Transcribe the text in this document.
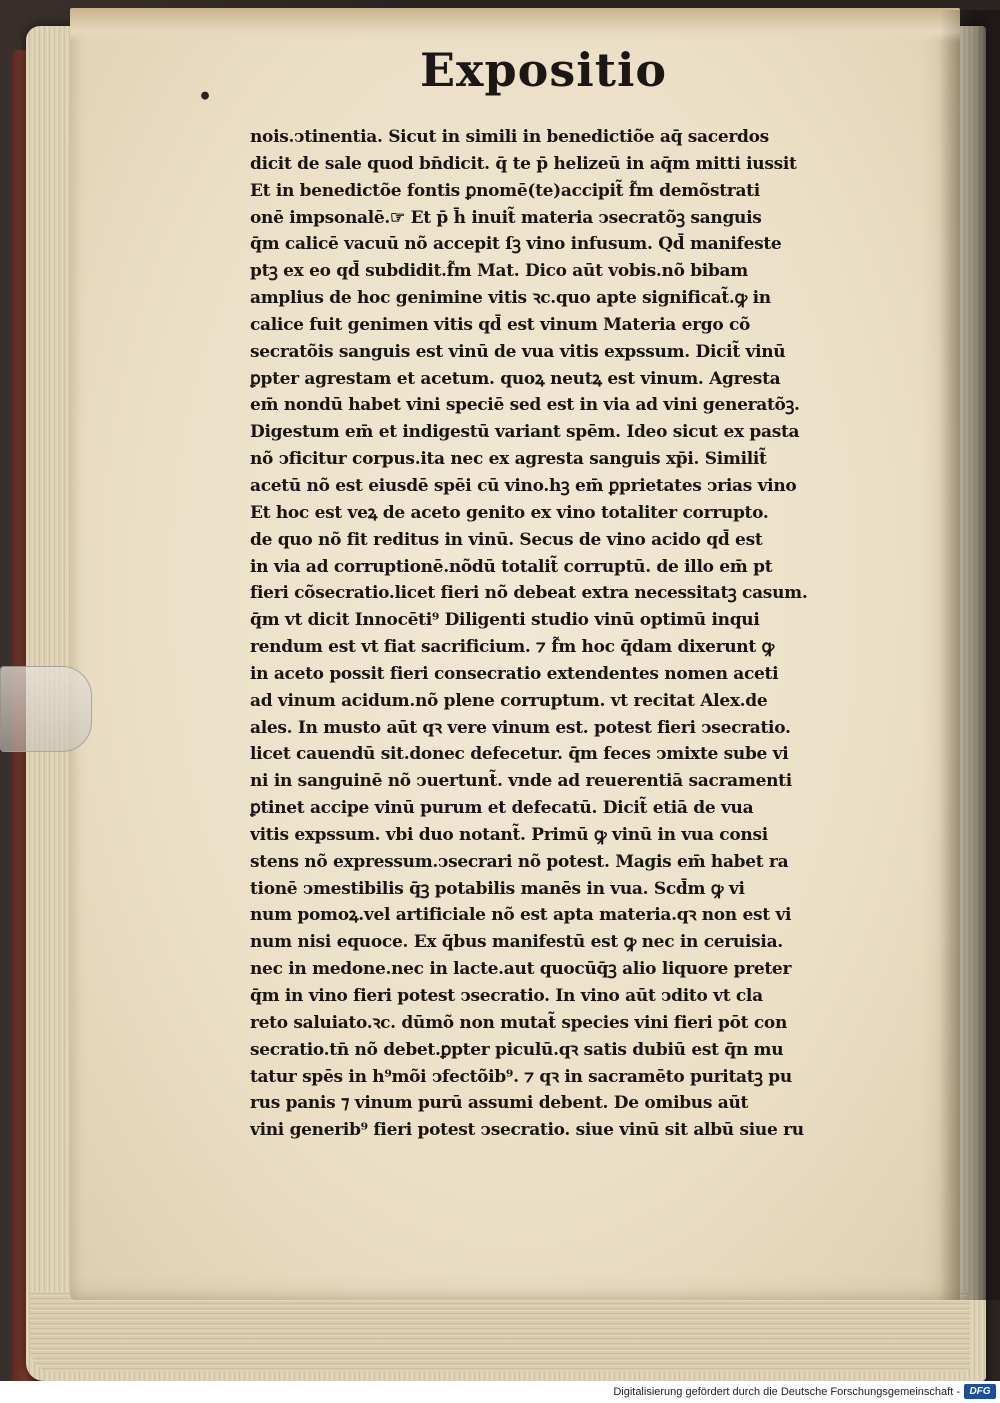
Expositio
•
nois.ↄtinentia. Sicut in simili in benedictiõe aq̄ sacerdos
dicit de sale quod bn̄dicit. q̄ te p̄ helizeū in aq̄m mitti iussit
Et in benedictõe fontis ꝑnomē(te)accipit̃ f̃m demõstrati
onē impsonalē.☞ Et p̄ h̄ inuit̃ materia ↄsecratõꝫ sanguis
q̄m calicē vacuū nõ accepit ſꝫ vino infusum. Qd̄ manifeste
ptꝫ ex eo qd̄ subdidit.f̃m Mat. Dico aūt vobis.nõ bibam
amplius de hoc genimine vitis ꝛc.quo apte significat̃.ꝙ in
calice fuit genimen vitis qd̄ est vinum Materia ergo cõ
secratõis sanguis est vinū de vua vitis expssum. Dicit̃ vinū
ꝑpter agrestam et acetum. quoꝝ neutꝝ est vinum. Agresta
em̄ nondū habet vini speciē sed est in via ad vini generatõꝫ.
Digestum em̄ et indigestū variant spēm. Ideo sicut ex pasta
nõ ↄficitur corpus.ita nec ex agresta sanguis xp̄i. Similit̃
acetū nõ est eiusdē spēi cū vino.hꝫ em̄ ꝑprietates ↄrias vino
Et hoc est veꝝ de aceto genito ex vino totaliter corrupto.
de quo nõ fit reditus in vinū. Secus de vino acido qd̄ est
in via ad corruptionē.nõdū totalit̃ corruptū. de illo em̄ pt
fieri cõsecratio.licet fieri nõ debeat extra necessitatꝫ casum.
q̄m vt dicit Innocēti⁹ Diligenti studio vinū optimū inqui
rendum est vt fiat sacrificium. ⁊ f̃m hoc q̄dam dixerunt ꝙ
in aceto possit fieri consecratio extendentes nomen aceti
ad vinum acidum.nõ plene corruptum. vt recitat Alex.de
ales. In musto aūt qꝛ vere vinum est. potest fieri ↄsecratio.
licet cauendū sit.donec defecetur. q̄m feces ↄmixte sube vi
ni in sanguinē nõ ↄuertunt̃. vnde ad reuerentiā sacramenti
ꝑtinet accipe vinū purum et defecatū. Dicit̃ etiā de vua
vitis expssum. vbi duo notant̃. Primū ꝙ vinū in vua consi
stens nõ expressum.ↄsecrari nõ potest. Magis em̄ habet ra
tionē ↄmestibilis q̄ꝫ potabilis manēs in vua. Scd̄m ꝙ vi
num pomoꝝ.vel artificiale nõ est apta materia.qꝛ non est vi
num nisi equoce. Ex q̄bus manifestū est ꝙ nec in ceruisia.
nec in medone.nec in lacte.aut quocūq̄ꝫ alio liquore preter
q̄m in vino fieri potest ↄsecratio. In vino aūt ↄdito vt cla
reto saluiato.ꝛc. dūmõ non mutat̃ species vini fieri pōt con
secratio.tn̄ nõ debet.ꝑpter piculū.qꝛ satis dubiū est q̄n mu
tatur spēs in h⁹mõi ↄfectõib⁹. ⁊ qꝛ in sacramēto puritatꝫ pu
rus panis ⁊ vinum purū assumi debent. De omibus aūt
vini generib⁹ fieri potest ↄsecratio. siue vinū sit albū siue ru
Digitalisierung gefördert durch die Deutsche Forschungsgemeinschaft - DFG
